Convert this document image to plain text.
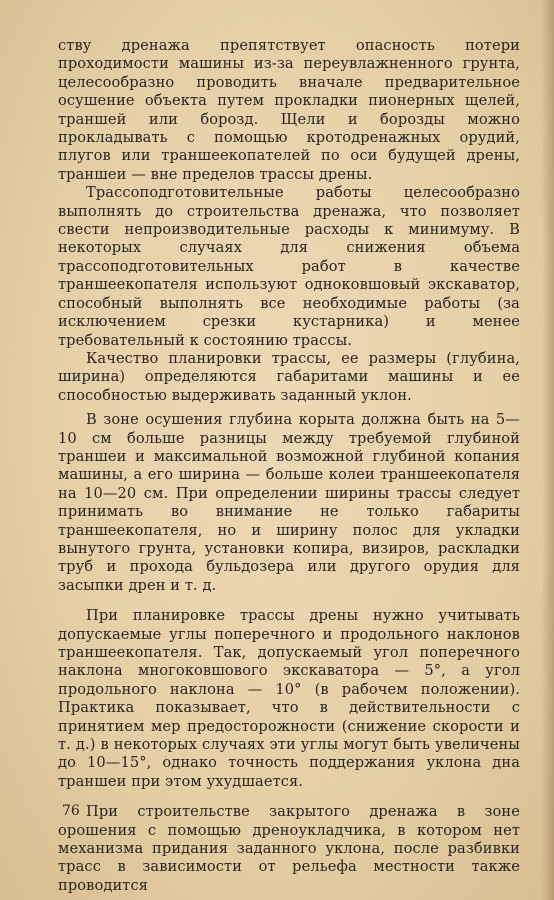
ству дренажа препятствует опасность потери проходимости машины из-за переувлажненного грунта, целесообразно проводить вначале предварительное осушение объекта путем прокладки пионерных щелей, траншей или борозд. Щели и борозды можно прокладывать с помощью кротодренажных орудий, плугов или траншеекопателей по оси будущей дрены, траншеи — вне пределов трассы дрены.

Трассоподготовительные работы целесообразно выполнять до строительства дренажа, что позволяет свести непроизводительные расходы к минимуму. В некоторых случаях для снижения объема трассоподготовительных работ в качестве траншеекопателя используют одноковшовый экскаватор, способный выполнять все необходимые работы (за исключением срезки кустарника) и менее требовательный к состоянию трассы.

Качество планировки трассы, ее размеры (глубина, ширина) определяются габаритами машины и ее способностью выдерживать заданный уклон.

В зоне осушения глубина корыта должна быть на 5—10 см больше разницы между требуемой глубиной траншеи и максимальной возможной глубиной копания машины, а его ширина — больше колеи траншеекопателя на 10—20 см. При определении ширины трассы следует принимать во внимание не только габариты траншеекопателя, но и ширину полос для укладки вынутого грунта, установки копира, визиров, раскладки труб и прохода бульдозера или другого орудия для засыпки дрен и т. д.

При планировке трассы дрены нужно учитывать допускаемые углы поперечного и продольного наклонов траншеекопателя. Так, допускаемый угол поперечного наклона многоковшового экскаватора — 5°, а угол продольного наклона — 10° (в рабочем положении). Практика показывает, что в действительности с принятием мер предосторожности (снижение скорости и т. д.) в некоторых случаях эти углы могут быть увеличены до 10—15°, однако точность поддержания уклона дна траншеи при этом ухудшается.

При строительстве закрытого дренажа в зоне орошения с помощью дреноукладчика, в котором нет механизма придания заданного уклона, после разбивки трасс в зависимости от рельефа местности также проводится

76
